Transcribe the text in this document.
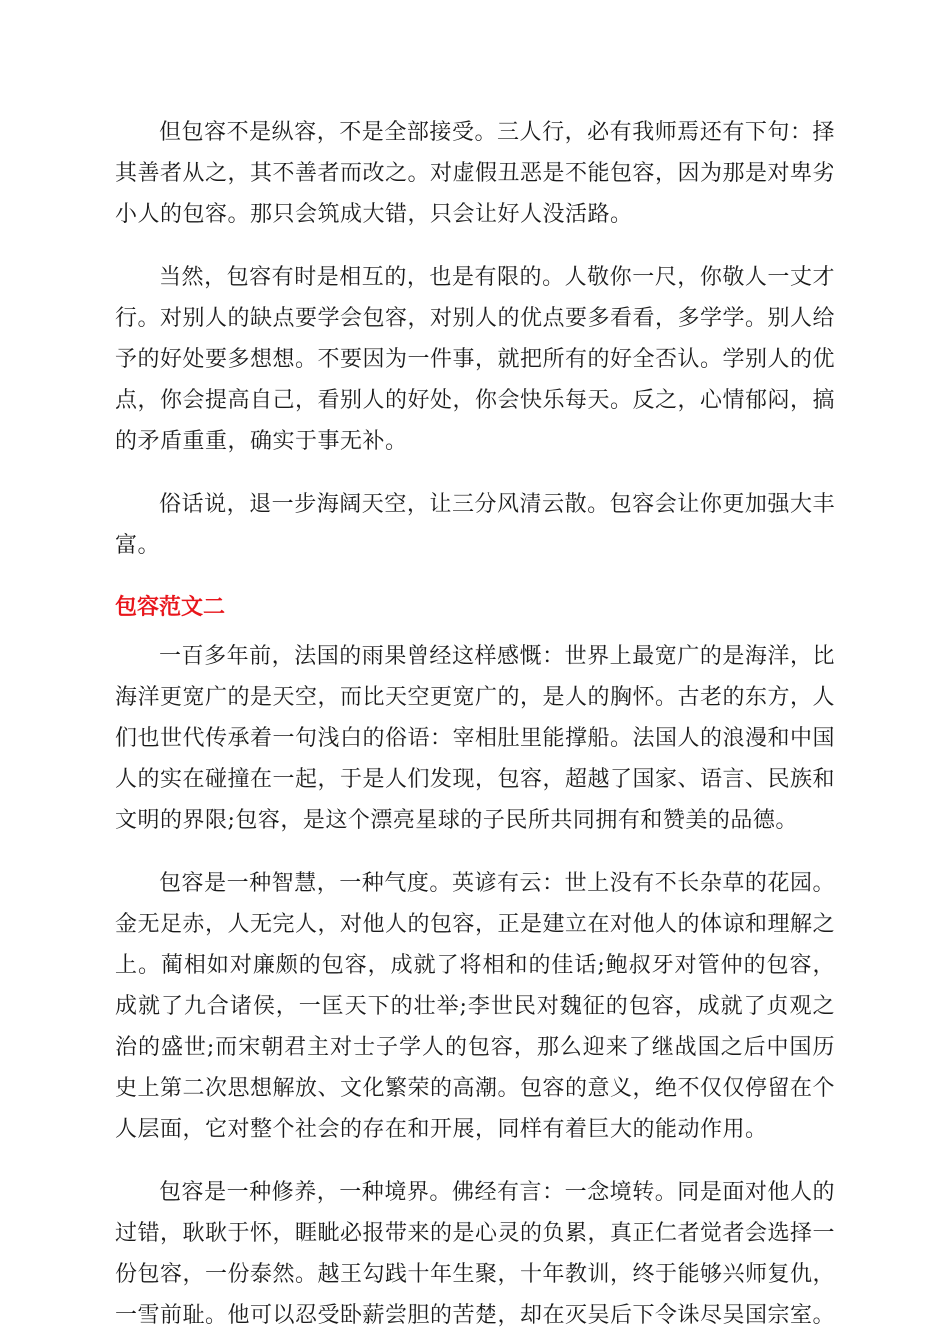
但包容不是纵容，不是全部接受。三人行，必有我师焉还有下句：择其善者从之，其不善者而改之。对虚假丑恶是不能包容，因为那是对卑劣小人的包容。那只会筑成大错，只会让好人没活路。

当然，包容有时是相互的，也是有限的。人敬你一尺，你敬人一丈才行。对别人的缺点要学会包容，对别人的优点要多看看，多学学。别人给予的好处要多想想。不要因为一件事，就把所有的好全否认。学别人的优点，你会提高自己，看别人的好处，你会快乐每天。反之，心情郁闷，搞的矛盾重重，确实于事无补。

俗话说，退一步海阔天空，让三分风清云散。包容会让你更加强大丰富。

包容范文二

一百多年前，法国的雨果曾经这样感慨：世界上最宽广的是海洋，比海洋更宽广的是天空，而比天空更宽广的，是人的胸怀。古老的东方，人们也世代传承着一句浅白的俗语：宰相肚里能撑船。法国人的浪漫和中国人的实在碰撞在一起，于是人们发现，包容，超越了国家、语言、民族和文明的界限;包容，是这个漂亮星球的子民所共同拥有和赞美的品德。

包容是一种智慧，一种气度。英谚有云：世上没有不长杂草的花园。金无足赤，人无完人，对他人的包容，正是建立在对他人的体谅和理解之上。蔺相如对廉颇的包容，成就了将相和的佳话;鲍叔牙对管仲的包容，成就了九合诸侯，一匡天下的壮举;李世民对魏征的包容，成就了贞观之治的盛世;而宋朝君主对士子学人的包容，那么迎来了继战国之后中国历史上第二次思想解放、文化繁荣的高潮。包容的意义，绝不仅仅停留在个人层面，它对整个社会的存在和开展，同样有着巨大的能动作用。

包容是一种修养，一种境界。佛经有言：一念境转。同是面对他人的过错，耿耿于怀，睚眦必报带来的是心灵的负累，真正仁者觉者会选择一份包容，一份泰然。越王勾践十年生聚，十年教训，终于能够兴师复仇，一雪前耻。他可以忍受卧薪尝胆的苦楚，却在灭吴后下令诛尽吴国宗室。
